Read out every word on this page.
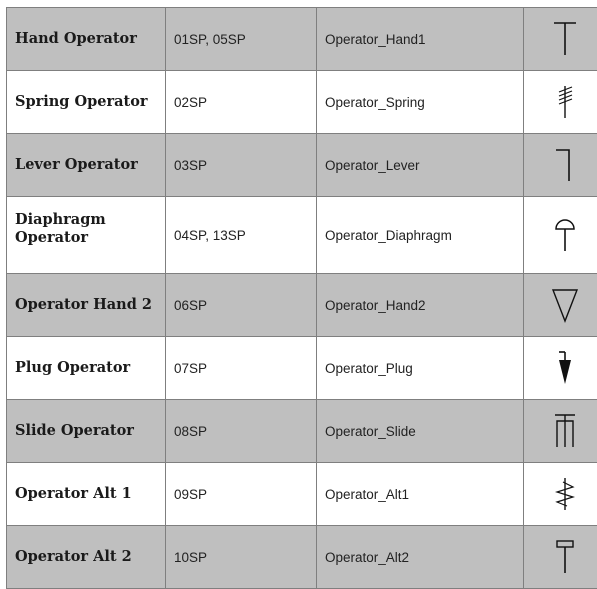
Hand Operator	01SP, 05SP	Operator_Hand1	

Spring Operator	02SP	Operator_Spring	

Lever Operator	03SP	Operator_Lever	

Diaphragm Operator	04SP, 13SP	Operator_Diaphragm	

Operator Hand 2	06SP	Operator_Hand2	

Plug Operator	07SP	Operator_Plug	

Slide Operator	08SP	Operator_Slide	

Operator Alt 1	09SP	Operator_Alt1	

Operator Alt 2	10SP	Operator_Alt2	
